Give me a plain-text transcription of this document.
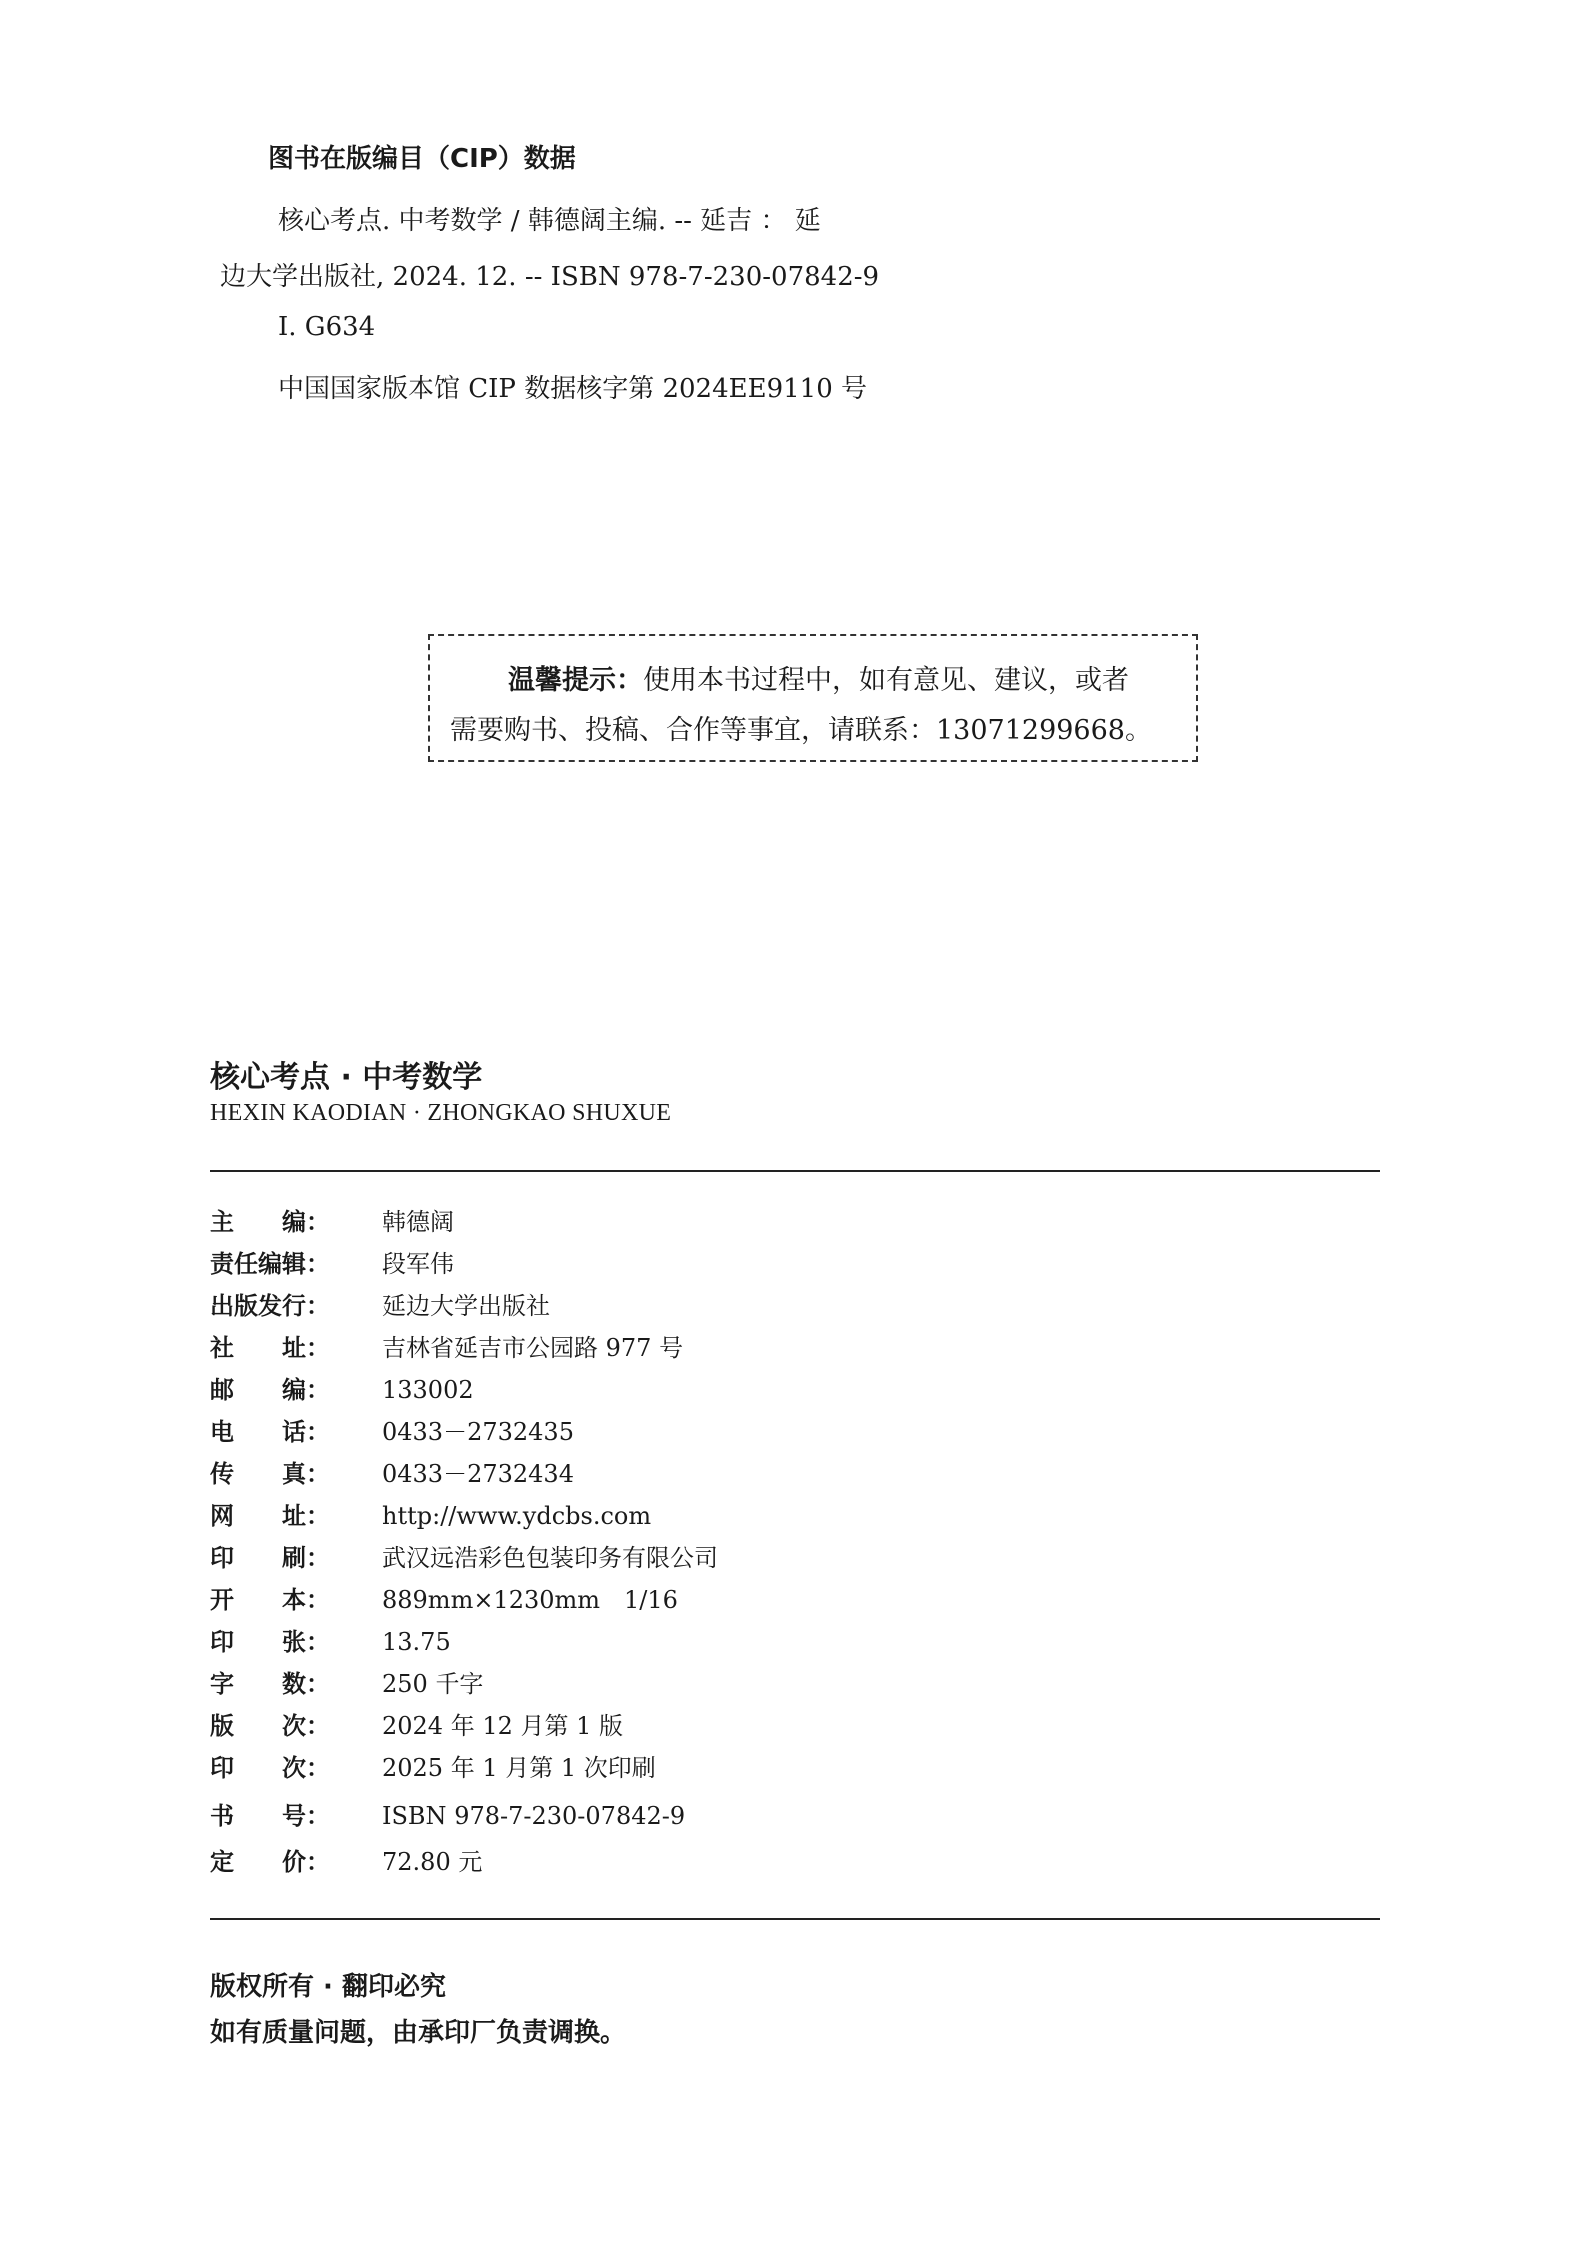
图书在版编目（CIP）数据
核心考点. 中考数学 / 韩德阔主编. -- 延吉 ： 延
边大学出版社, 2024. 12. -- ISBN 978-7-230-07842-9
Ⅰ. G634
中国国家版本馆 CIP 数据核字第 2024EE9110 号
温馨提示：使用本书过程中，如有意见、建议，或者
需要购书、投稿、合作等事宜，请联系：13071299668。
核心考点 · 中考数学
HEXIN KAODIAN · ZHONGKAO SHUXUE
主　　编： 韩德阔
责任编辑： 段军伟
出版发行： 延边大学出版社
社　　址： 吉林省延吉市公园路 977 号
邮　　编： 133002
电　　话： 0433－2732435
传　　真： 0433－2732434
网　　址： http://www.ydcbs.com
印　　刷： 武汉远浩彩色包装印务有限公司
开　　本： 889mm×1230mm　1/16
印　　张： 13.75
字　　数： 250 千字
版　　次： 2024 年 12 月第 1 版
印　　次： 2025 年 1 月第 1 次印刷
书　　号： ISBN 978-7-230-07842-9
定　　价： 72.80 元
版权所有 · 翻印必究
如有质量问题，由承印厂负责调换。
